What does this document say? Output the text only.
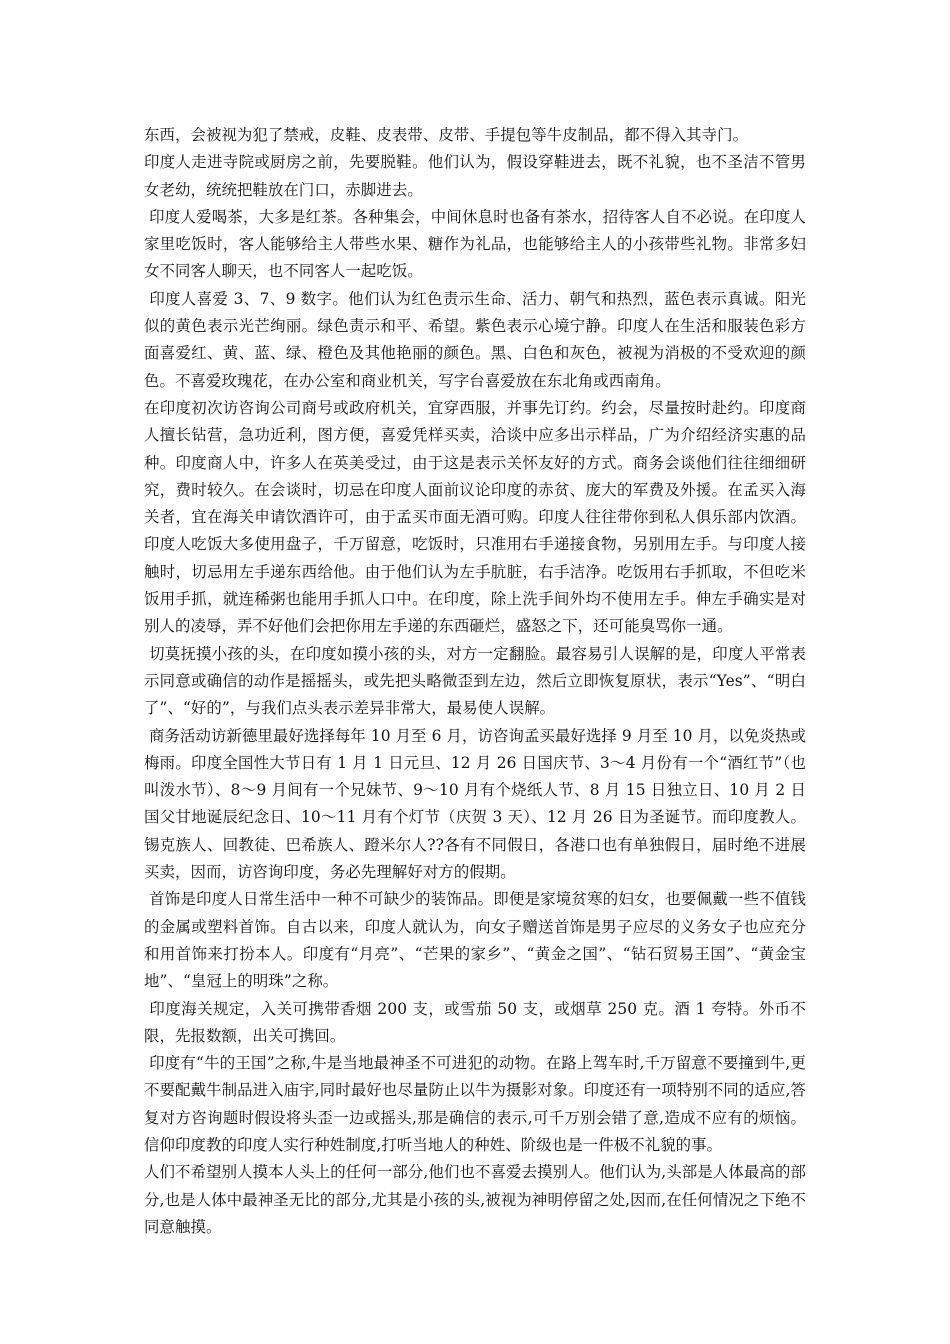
东西，会被视为犯了禁戒，皮鞋、皮表带、皮带、手提包等牛皮制品，都不得入其寺门。

印度人走进寺院或厨房之前，先要脱鞋。他们认为，假设穿鞋进去，既不礼貌，也不圣洁不管男女老幼，统统把鞋放在门口，赤脚进去。

印度人爱喝茶，大多是红茶。各种集会，中间休息时也备有茶水，招待客人自不必说。在印度人家里吃饭时，客人能够给主人带些水果、糖作为礼品，也能够给主人的小孩带些礼物。非常多妇女不同客人聊天，也不同客人一起吃饭。

印度人喜爱 3、7、9 数字。他们认为红色责示生命、活力、朝气和热烈，蓝色表示真诚。阳光似的黄色表示光芒绚丽。绿色责示和平、希望。紫色表示心境宁静。印度人在生活和服装色彩方面喜爱红、黄、蓝、绿、橙色及其他艳丽的颜色。黑、白色和灰色，被视为消极的不受欢迎的颜色。不喜爱玫瑰花，在办公室和商业机关，写字台喜爱放在东北角或西南角。

在印度初次访咨询公司商号或政府机关，宜穿西服，并事先订约。约会，尽量按时赴约。印度商人擅长钻营，急功近利，图方便，喜爱凭样买卖，洽谈中应多出示样品，广为介绍经济实惠的品种。印度商人中，许多人在英美受过，由于这是表示关怀友好的方式。商务会谈他们往往细细研究，费时较久。在会谈时，切忌在印度人面前议论印度的赤贫、庞大的军费及外援。在孟买入海关者，宜在海关申请饮酒许可，由于孟买市面无酒可购。印度人往往带你到私人俱乐部内饮酒。印度人吃饭大多使用盘子，千万留意，吃饭时，只准用右手递接食物，另别用左手。与印度人接触时，切忌用左手递东西给他。由于他们认为左手肮脏，右手洁净。吃饭用右手抓取，不但吃米饭用手抓，就连稀粥也能用手抓人口中。在印度，除上洗手间外均不使用左手。伸左手确实是对别人的凌辱，弄不好他们会把你用左手递的东西砸烂，盛怒之下，还可能臭骂你一通。

切莫抚摸小孩的头，在印度如摸小孩的头，对方一定翻脸。最容易引人误解的是，印度人平常表示同意或确信的动作是摇摇头，或先把头略微歪到左边，然后立即恢复原状，表示“Yes”、“明白了”、“好的”，与我们点头表示差异非常大，最易使人误解。

商务活动访新德里最好选择每年 10 月至 6 月，访咨询孟买最好选择 9 月至 10 月，以免炎热或梅雨。印度全国性大节日有 1 月 1 日元旦、12 月 26 日国庆节、3～4 月份有一个“酒红节”（也叫泼水节）、8～9 月间有一个兄妹节、9～10 月有个烧纸人节、8 月 15 日独立日、10 月 2 日国父甘地诞辰纪念日、10～11 月有个灯节（庆贺 3 天）、12 月 26 日为圣诞节。而印度教人。锡克族人、回教徒、巴希族人、蹬米尔人??各有不同假日，各港口也有单独假日，届时绝不进展买卖，因而，访咨询印度，务必先理解好对方的假期。

首饰是印度人日常生活中一种不可缺少的装饰品。即便是家境贫寒的妇女，也要佩戴一些不值钱的金属或塑料首饰。自古以来，印度人就认为，向女子赠送首饰是男子应尽的义务女子也应充分和用首饰来打扮本人。印度有“月亮”、“芒果的家乡”、“黄金之国”、“钻石贸易王国”、“黄金宝地”、“皇冠上的明珠”之称。

印度海关规定，入关可携带香烟 200 支，或雪茄 50 支，或烟草 250 克。酒 1 夸特。外币不限，先报数额，出关可携回。

印度有“牛的王国”之称,牛是当地最神圣不可进犯的动物。在路上驾车时,千万留意不要撞到牛,更不要配戴牛制品进入庙宇,同时最好也尽量防止以牛为摄影对象。印度还有一项特别不同的适应,答复对方咨询题时假设将头歪一边或摇头,那是确信的表示,可千万别会错了意,造成不应有的烦恼。信仰印度教的印度人实行种姓制度,打听当地人的种姓、阶级也是一件极不礼貌的事。

人们不希望别人摸本人头上的任何一部分,他们也不喜爱去摸别人。他们认为,头部是人体最高的部分,也是人体中最神圣无比的部分,尤其是小孩的头,被视为神明停留之处,因而,在任何情况之下绝不同意触摸。
